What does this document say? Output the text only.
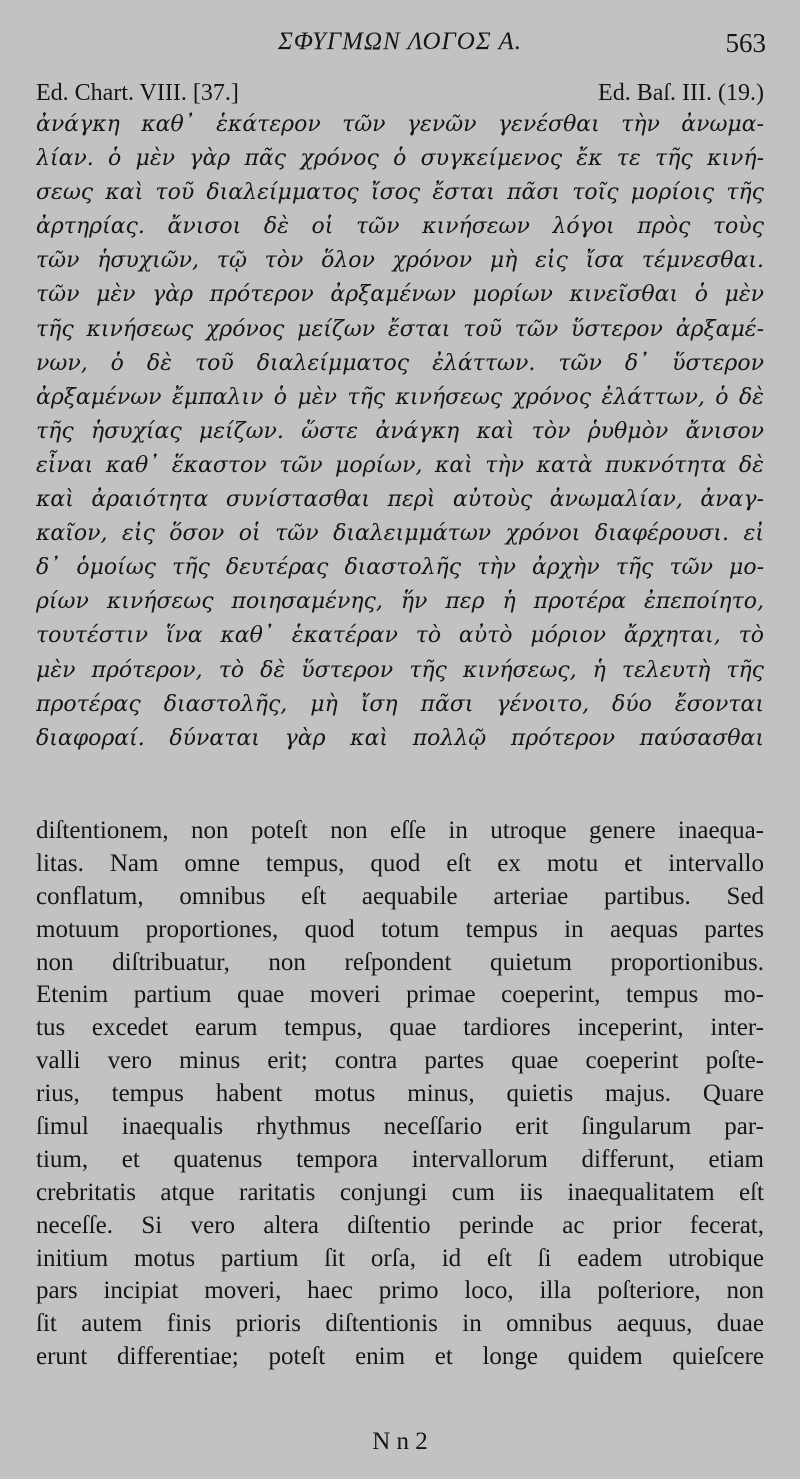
ΣΦΥΓΜΩΝ ΛΟΓΟΣ Α.	563
Ed. Chart. VIII. [37.]	Ed. Baſ. III. (19.)
ἀνάγκη καθ᾽ ἑκάτερον τῶν γενῶν γενέσθαι τὴν ἀνωμα-
λίαν. ὁ μὲν γὰρ πᾶς χρόνος ὁ συγκείμενος ἔκ τε τῆς κινή-
σεως καὶ τοῦ διαλείμματος ἴσος ἔσται πᾶσι τοῖς μορίοις τῆς
ἀρτηρίας. ἄνισοι δὲ οἱ τῶν κινήσεων λόγοι πρὸς τοὺς
τῶν ἡσυχιῶν, τῷ τὸν ὅλον χρόνον μὴ εἰς ἴσα τέμνεσθαι.
τῶν μὲν γὰρ πρότερον ἀρξαμένων μορίων κινεῖσθαι ὁ μὲν
τῆς κινήσεως χρόνος μείζων ἔσται τοῦ τῶν ὕστερον ἀρξαμέ-
νων, ὁ δὲ τοῦ διαλείμματος ἐλάττων. τῶν δ᾽ ὕστερον
ἀρξαμένων ἔμπαλιν ὁ μὲν τῆς κινήσεως χρόνος ἐλάττων, ὁ δὲ
τῆς ἡσυχίας μείζων. ὥστε ἀνάγκη καὶ τὸν ῥυθμὸν ἄνισον
εἶναι καθ᾽ ἕκαστον τῶν μορίων, καὶ τὴν κατὰ πυκνότητα δὲ
καὶ ἀραιότητα συνίστασθαι περὶ αὐτοὺς ἀνωμαλίαν, ἀναγ-
καῖον, εἰς ὅσον οἱ τῶν διαλειμμάτων χρόνοι διαφέρουσι. εἰ
δ᾽ ὁμοίως τῆς δευτέρας διαστολῆς τὴν ἀρχὴν τῆς τῶν μο-
ρίων κινήσεως ποιησαμένης, ἥν περ ἡ προτέρα ἐπεποίητο,
τουτέστιν ἵνα καθ᾽ ἑκατέραν τὸ αὐτὸ μόριον ἄρχηται, τὸ
μὲν πρότερον, τὸ δὲ ὕστερον τῆς κινήσεως, ἡ τελευτὴ τῆς
προτέρας διαστολῆς, μὴ ἴση πᾶσι γένοιτο, δύο ἔσονται
διαφοραί. δύναται γὰρ καὶ πολλῷ πρότερον παύσασθαι
diſtentionem, non poteſt non eſſe in utroque genere inaequa-
litas. Nam omne tempus, quod eſt ex motu et intervallo
conflatum, omnibus eſt aequabile arteriae partibus. Sed
motuum proportiones, quod totum tempus in aequas partes
non diſtribuatur, non reſpondent quietum proportionibus.
Etenim partium quae moveri primae coeperint, tempus mo-
tus excedet earum tempus, quae tardiores inceperint, inter-
valli vero minus erit; contra partes quae coeperint poſte-
rius, tempus habent motus minus, quietis majus. Quare
ſimul inaequalis rhythmus neceſſario erit ſingularum par-
tium, et quatenus tempora intervallorum differunt, etiam
crebritatis atque raritatis conjungi cum iis inaequalitatem eſt
neceſſe. Si vero altera diſtentio perinde ac prior fecerat,
initium motus partium ſit orſa, id eſt ſi eadem utrobique
pars incipiat moveri, haec primo loco, illa poſteriore, non
ſit autem finis prioris diſtentionis in omnibus aequus, duae
erunt differentiae; poteſt enim et longe quidem quieſcere
N n 2
